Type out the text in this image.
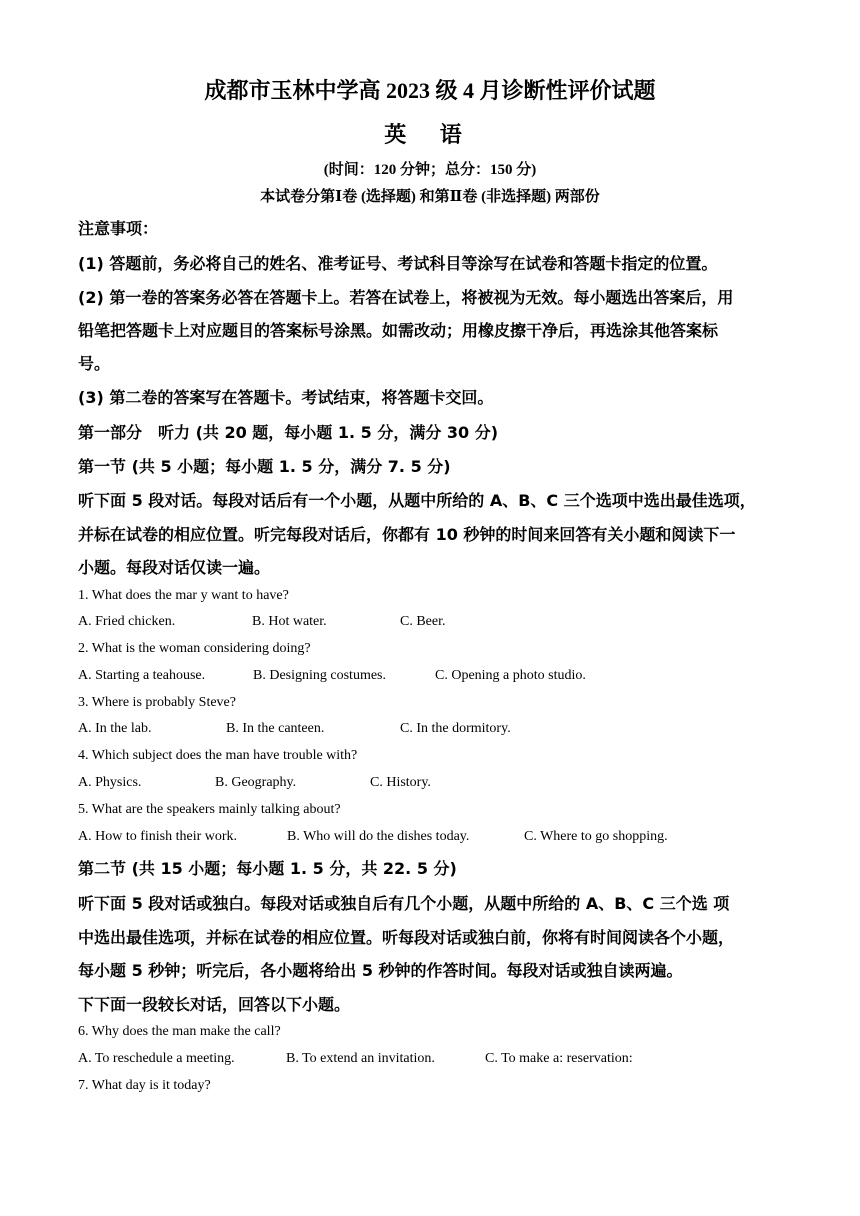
成都市玉林中学高 2023 级 4 月诊断性评价试题
英 语
(时间：120 分钟；总分：150 分)
本试卷分第Ⅰ卷 (选择题) 和第Ⅱ卷 (非选择题) 两部份
注意事项：
(1) 答题前，务必将自己的姓名、准考证号、考试科目等涂写在试卷和答题卡指定的位置。
(2) 第一卷的答案务必答在答题卡上。若答在试卷上，将被视为无效。每小题选出答案后，用
铅笔把答题卡上对应题目的答案标号涂黑。如需改动；用橡皮擦干净后，再选涂其他答案标
号。
(3) 第二卷的答案写在答题卡。考试结束，将答题卡交回。
第一部分　听力 (共 20 题，每小题 1. 5 分，满分 30 分)
第一节 (共 5 小题；每小题 1. 5 分，满分 7. 5 分)
听下面 5 段对话。每段对话后有一个小题，从题中所给的 A、B、C 三个选项中选出最佳选项，
并标在试卷的相应位置。听完每段对话后，你都有 10 秒钟的时间来回答有关小题和阅读下一
小题。每段对话仅读一遍。
1. What does the mar y want to have?
A. Fried chicken.	B. Hot water.	C. Beer.
2. What is the woman considering doing?
A. Starting a teahouse.	B. Designing costumes.	C. Opening a photo studio.
3. Where is probably Steve?
A. In the lab.	B. In the canteen.	C. In the dormitory.
4. Which subject does the man have trouble with?
A. Physics.	B. Geography.	C. History.
5. What are the speakers mainly talking about?
A. How to finish their work.	B. Who will do the dishes today.	C. Where to go shopping.
第二节 (共 15 小题；每小题 1. 5 分，共 22. 5 分)
听下面 5 段对话或独白。每段对话或独自后有几个小题，从题中所给的 A、B、C 三个选 项
中选出最佳选项，并标在试卷的相应位置。听每段对话或独白前，你将有时间阅读各个小题，
每小题 5 秒钟；听完后，各小题将给出 5 秒钟的作答时间。每段对话或独自读两遍。
下下面一段较长对话，回答以下小题。
6. Why does the man make the call?
A. To reschedule a meeting.	B. To extend an invitation.	C. To make a: reservation:
7. What day is it today?
